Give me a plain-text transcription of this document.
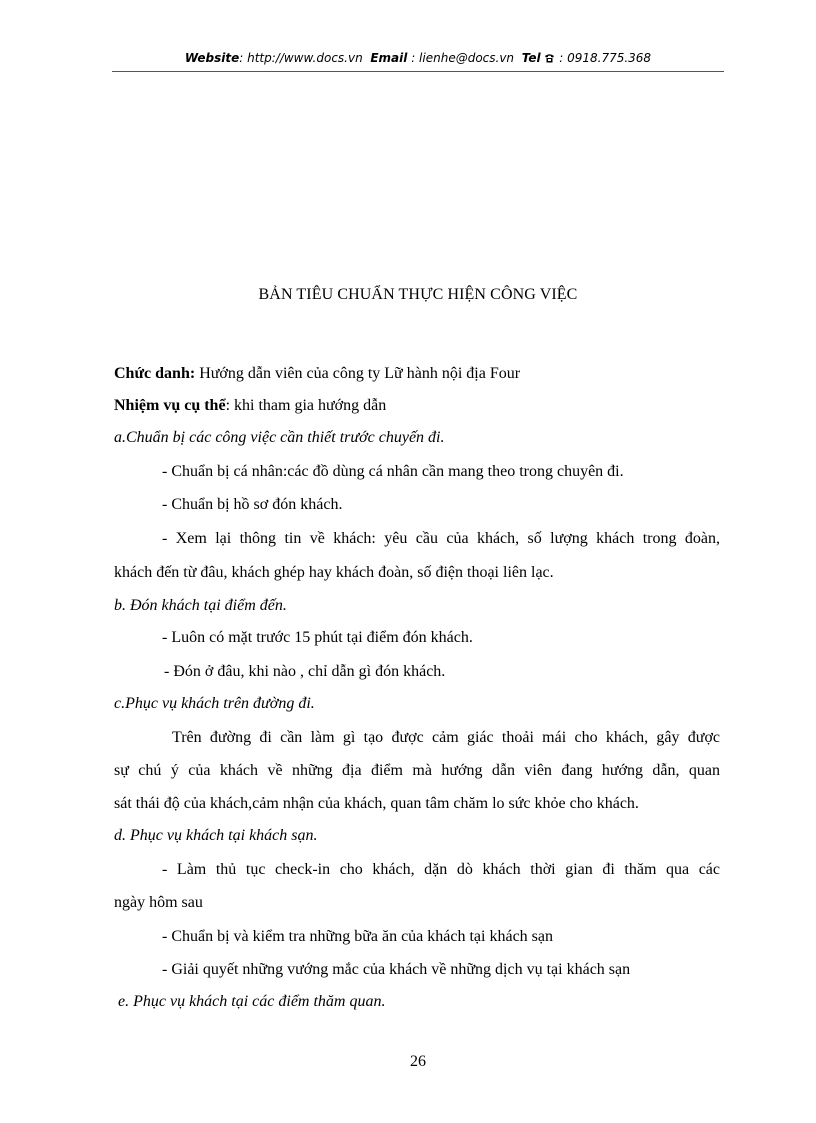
Website: http://www.docs.vn Email : lienhe@docs.vn Tel : 0918.775.368
BẢN TIÊU CHUẨN THỰC HIỆN CÔNG VIỆC
Chức danh: Hướng dẫn viên của công ty Lữ hành nội địa Four
Nhiệm vụ cụ thể: khi tham gia hướng dẫn
a.Chuẩn bị các công việc cần thiết trước chuyến đi.
- Chuẩn bị cá nhân:các đồ dùng cá nhân cần mang theo trong chuyên đi.
- Chuẩn bị hồ sơ đón khách.
- Xem lại thông tin về khách: yêu cầu của khách, số lượng khách trong đoàn,
khách đến từ đâu, khách ghép hay khách đoàn, số điện thoại liên lạc.
b. Đón khách tại điểm đến.
- Luôn có mặt trước 15 phút tại điểm đón khách.
- Đón ở đâu, khi nào , chỉ dẫn gì đón khách.
c.Phục vụ khách trên đường đi.
Trên đường đi cần làm gì tạo được cảm giác thoải mái cho khách, gây được
sự chú ý của khách về những địa điểm mà hướng dẫn viên đang hướng dẫn, quan
sát thái độ của khách,cảm nhận của khách, quan tâm chăm lo sức khỏe cho khách.
d. Phục vụ khách tại khách sạn.
- Làm thủ tục check-in cho khách, dặn dò khách thời gian đi thăm qua các
ngày hôm sau
- Chuẩn bị và kiểm tra những bữa ăn của khách tại khách sạn
- Giải quyết những vướng mắc của khách về những dịch vụ tại khách sạn
e. Phục vụ khách tại các điểm thăm quan.
26
